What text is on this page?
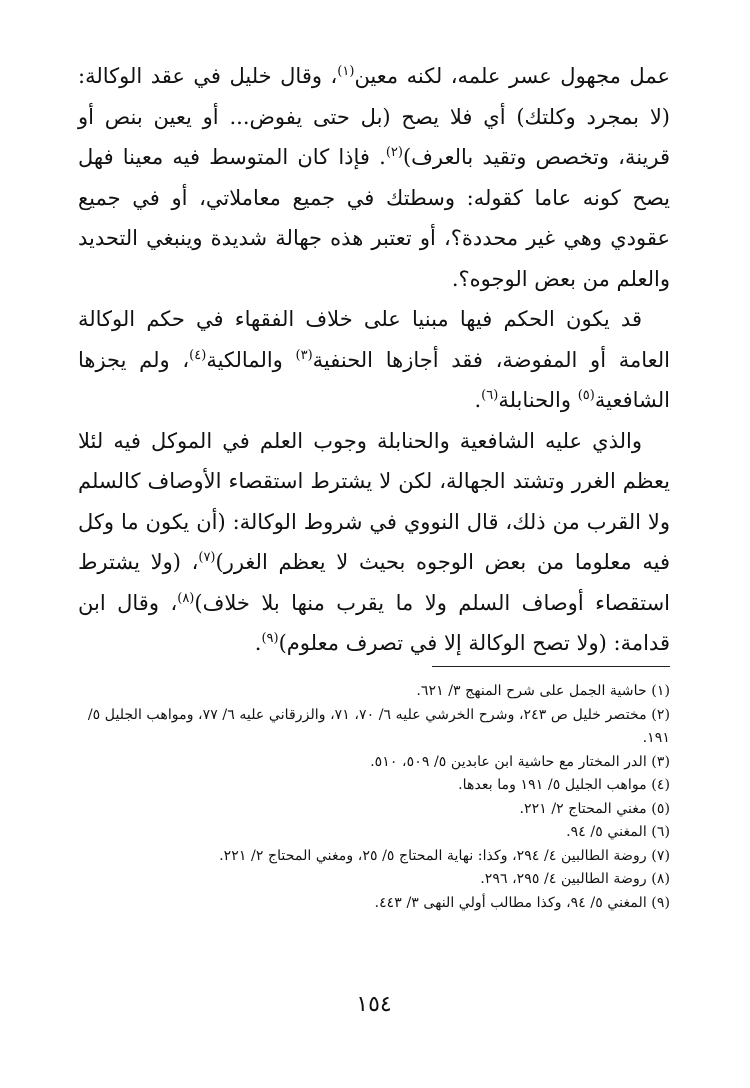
عمل مجهول عسر علمه، لكنه معين$^{(١)}$، وقال خليل في عقد الوكالة: (لا بمجرد وكلتك) أي فلا يصح (بل حتى يفوض... أو يعين بنص أو قرينة، وتخصص وتقيد بالعرف)$^{(٢)}$. فإذا كان المتوسط فيه معينا فهل يصح كونه عاما كقوله: وسطتك في جميع معاملاتي، أو في جميع عقودي وهي غير محددة؟، أو تعتبر هذه جهالة شديدة وينبغي التحديد والعلم من بعض الوجوه؟.

قد يكون الحكم فيها مبنيا على خلاف الفقهاء في حكم الوكالة العامة أو المفوضة، فقد أجازها الحنفية$^{(٣)}$ والمالكية$^{(٤)}$، ولم يجزها الشافعية$^{(٥)}$ والحنابلة$^{(٦)}$.

والذي عليه الشافعية والحنابلة وجوب العلم في الموكل فيه لئلا يعظم الغرر وتشتد الجهالة، لكن لا يشترط استقصاء الأوصاف كالسلم ولا القرب من ذلك، قال النووي في شروط الوكالة: (أن يكون ما وكل فيه معلوما من بعض الوجوه بحيث لا يعظم الغرر)$^{(٧)}$، (ولا يشترط استقصاء أوصاف السلم ولا ما يقرب منها بلا خلاف)$^{(٨)}$، وقال ابن قدامة: (ولا تصح الوكالة إلا في تصرف معلوم)$^{(٩)}$.

(١) حاشية الجمل على شرح المنهج ٣/ ٦٢١.
(٢) مختصر خليل ص ٢٤٣، وشرح الخرشي عليه ٦/ ٧٠، ٧١، والزرقاني عليه ٦/ ٧٧، ومواهب الجليل ٥/ ١٩١.
(٣) الدر المختار مع حاشية ابن عابدين ٥/ ٥٠٩، ٥١٠.
(٤) مواهب الجليل ٥/ ١٩١ وما بعدها.
(٥) مغني المحتاج ٢/ ٢٢١.
(٦) المغني ٥/ ٩٤.
(٧) روضة الطالبين ٤/ ٢٩٤، وكذا: نهاية المحتاج ٥/ ٢٥، ومغني المحتاج ٢/ ٢٢١.
(٨) روضة الطالبين ٤/ ٢٩٥، ٢٩٦.
(٩) المغني ٥/ ٩٤، وكذا مطالب أولي النهى ٣/ ٤٤٣.
١٥٤
